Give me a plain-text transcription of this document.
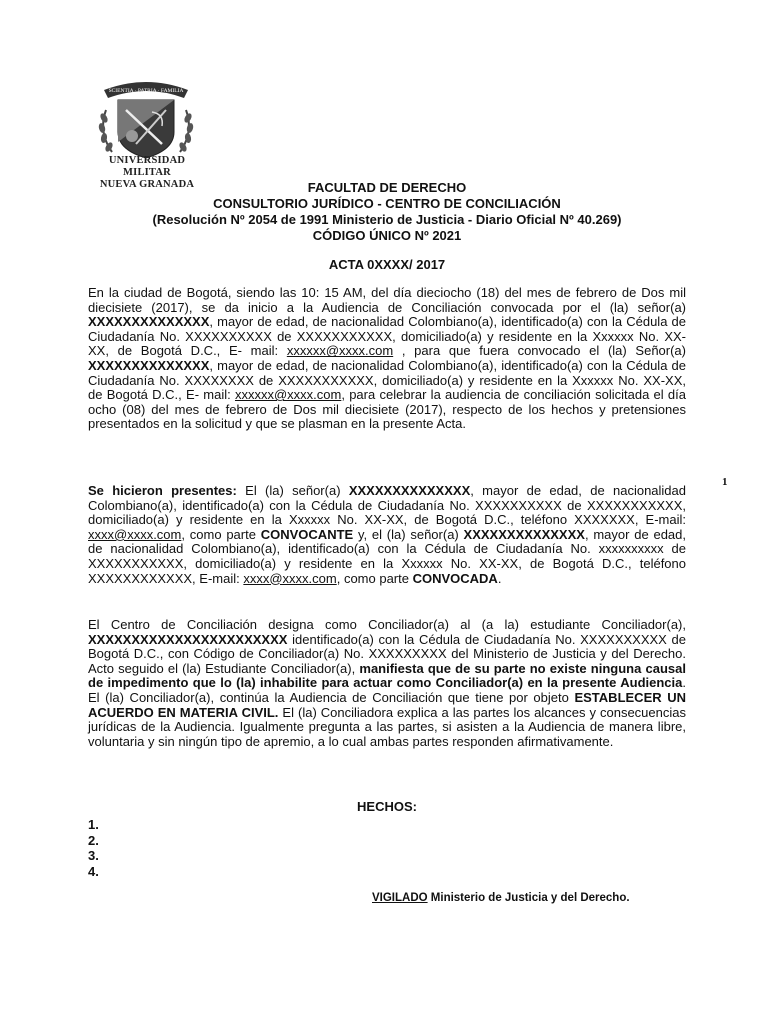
SCIENTIA · PATRIA · FAMILIA
UNIVERSIDAD MILITAR
NUEVA GRANADA	FACULTAD DE DERECHO
CONSULTORIO JURÍDICO - CENTRO DE CONCILIACIÓN
(Resolución Nº 2054 de 1991 Ministerio de Justicia - Diario Oficial Nº 40.269)
CÓDIGO ÚNICO Nº 2021
ACTA 0XXXX/ 2017
En la ciudad de Bogotá, siendo las 10: 15 AM, del día dieciocho (18) del mes de febrero de Dos mil diecisiete (2017), se da inicio a la Audiencia de Conciliación convocada por el (la) señor(a) XXXXXXXXXXXXXX, mayor de edad, de nacionalidad Colombiano(a), identificado(a) con la Cédula de Ciudadanía No. XXXXXXXXXX de XXXXXXXXXXX, domiciliado(a) y residente en la Xxxxxx No. XX-XX, de Bogotá D.C., E- mail: xxxxxx@xxxx.com , para que fuera convocado el (la) Señor(a) XXXXXXXXXXXXXX, mayor de edad, de nacionalidad Colombiano(a), identificado(a) con la Cédula de Ciudadanía No. XXXXXXXX de XXXXXXXXXXX, domiciliado(a) y residente en la Xxxxxx No. XX-XX, de Bogotá D.C., E- mail: xxxxxx@xxxx.com, para celebrar la audiencia de conciliación solicitada el día ocho (08) del mes de febrero de Dos mil diecisiete (2017), respecto de los hechos y pretensiones presentados en la solicitud y que se plasman en la presente Acta.
1
Se hicieron presentes: El (la) señor(a) XXXXXXXXXXXXXX, mayor de edad, de nacionalidad Colombiano(a), identificado(a) con la Cédula de Ciudadanía No. XXXXXXXXXX de XXXXXXXXXXX, domiciliado(a) y residente en la Xxxxxx No. XX-XX, de Bogotá D.C., teléfono XXXXXXX, E-mail: xxxx@xxxx.com, como parte CONVOCANTE y, el (la) señor(a) XXXXXXXXXXXXXX, mayor de edad, de nacionalidad Colombiano(a), identificado(a) con la Cédula de Ciudadanía No. xxxxxxxxxx de XXXXXXXXXXX, domiciliado(a) y residente en la Xxxxxx No. XX-XX, de Bogotá D.C., teléfono XXXXXXXXXXXX, E-mail: xxxx@xxxx.com, como parte CONVOCADA.
El Centro de Conciliación designa como Conciliador(a) al (a la) estudiante Conciliador(a), XXXXXXXXXXXXXXXXXXXXXXX identificado(a) con la Cédula de Ciudadanía No. XXXXXXXXXX de Bogotá D.C., con Código de Conciliador(a) No. XXXXXXXXX del Ministerio de Justicia y del Derecho. Acto seguido el (la) Estudiante Conciliador(a), manifiesta que de su parte no existe ninguna causal de impedimento que lo (la) inhabilite para actuar como Conciliador(a) en la presente Audiencia. El (la) Conciliador(a), continúa la Audiencia de Conciliación que tiene por objeto ESTABLECER UN ACUERDO EN MATERIA CIVIL. El (la) Conciliadora explica a las partes los alcances y consecuencias jurídicas de la Audiencia. Igualmente pregunta a las partes, si asisten a la Audiencia de manera libre, voluntaria y sin ningún tipo de apremio, a lo cual ambas partes responden afirmativamente.
HECHOS:
1.
2.
3.
4.
VIGILADO Ministerio de Justicia y del Derecho.
